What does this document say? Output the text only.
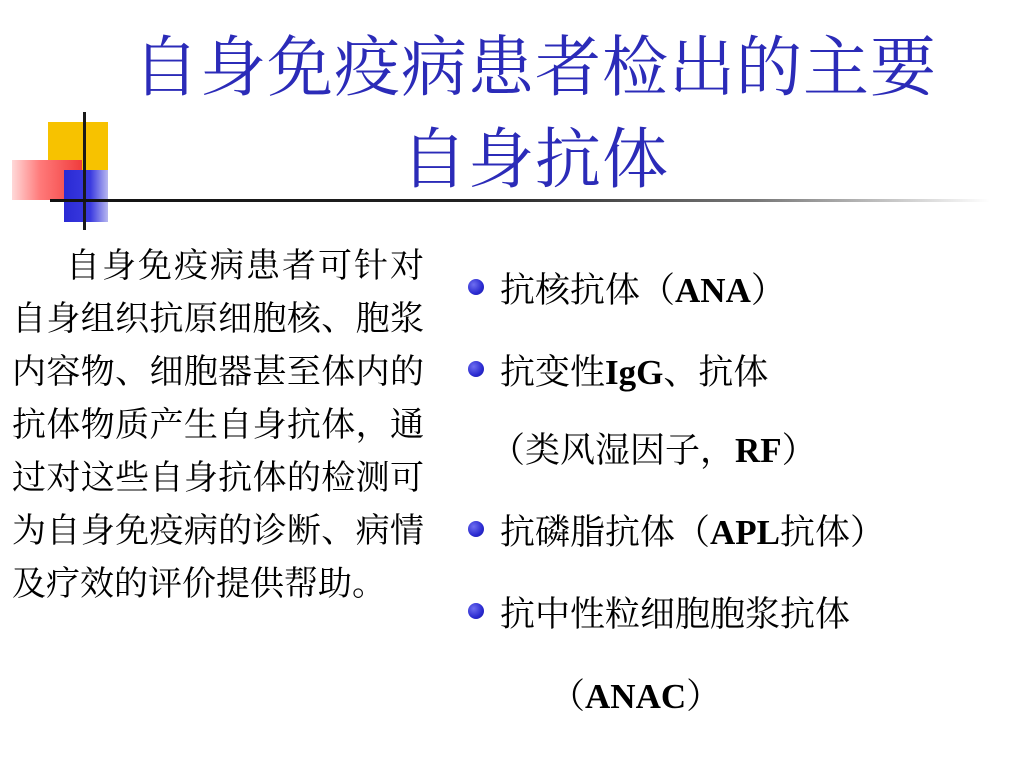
自身免疫病患者检出的主要
自身抗体
自身免疫病患者可针对自身组织抗原细胞核、胞浆内容物、细胞器甚至体内的抗体物质产生自身抗体，通过对这些自身抗体的检测可为自身免疫病的诊断、病情及疗效的评价提供帮助。
抗核抗体（ANA）
抗变性IgG、抗体
（类风湿因子，RF）
抗磷脂抗体（APL抗体）
抗中性粒细胞胞浆抗体
（ANAC）
